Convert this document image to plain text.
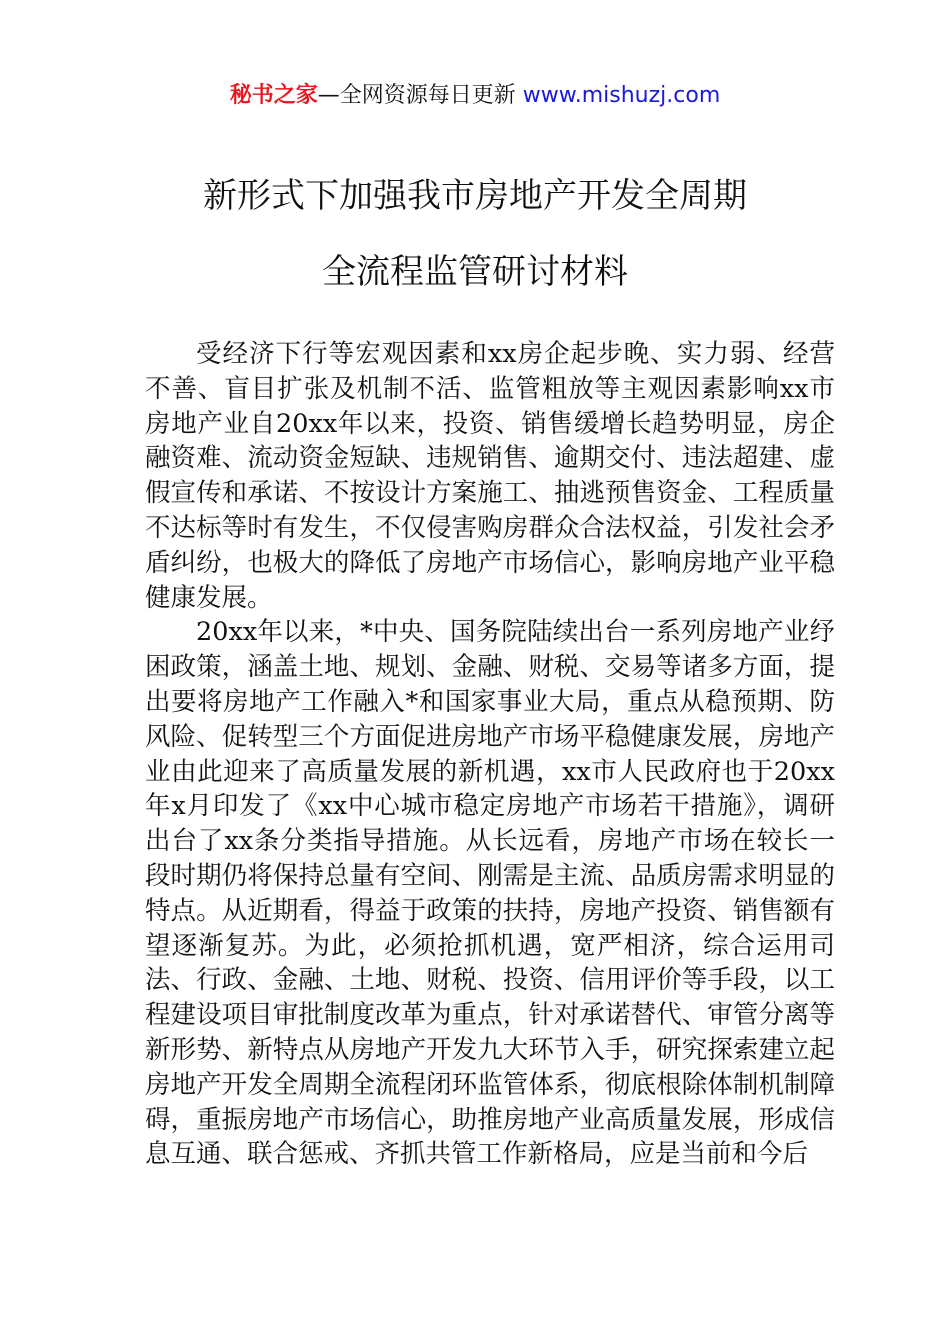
秘书之家—全网资源每日更新 www.mishuzj.com
新形式下加强我市房地产开发全周期
全流程监管研讨材料

受经济下行等宏观因素和xx房企起步晚、实力弱、经营不善、盲目扩张及机制不活、监管粗放等主观因素影响xx市房地产业自20xx年以来，投资、销售缓增长趋势明显，房企融资难、流动资金短缺、违规销售、逾期交付、违法超建、虚假宣传和承诺、不按设计方案施工、抽逃预售资金、工程质量不达标等时有发生，不仅侵害购房群众合法权益，引发社会矛盾纠纷，也极大的降低了房地产市场信心，影响房地产业平稳健康发展。

20xx年以来，*中央、国务院陆续出台一系列房地产业纾困政策，涵盖土地、规划、金融、财税、交易等诸多方面，提出要将房地产工作融入*和国家事业大局，重点从稳预期、防风险、促转型三个方面促进房地产市场平稳健康发展，房地产业由此迎来了高质量发展的新机遇，xx市人民政府也于20xx年x月印发了《xx中心城市稳定房地产市场若干措施》，调研出台了xx条分类指导措施。从长远看，房地产市场在较长一段时期仍将保持总量有空间、刚需是主流、品质房需求明显的特点。从近期看，得益于政策的扶持，房地产投资、销售额有望逐渐复苏。为此，必须抢抓机遇，宽严相济，综合运用司法、行政、金融、土地、财税、投资、信用评价等手段，以工程建设项目审批制度改革为重点，针对承诺替代、审管分离等新形势、新特点从房地产开发九大环节入手，研究探索建立起房地产开发全周期全流程闭环监管体系，彻底根除体制机制障碍，重振房地产市场信心，助推房地产业高质量发展，形成信息互通、联合惩戒、齐抓共管工作新格局，应是当前和今后
